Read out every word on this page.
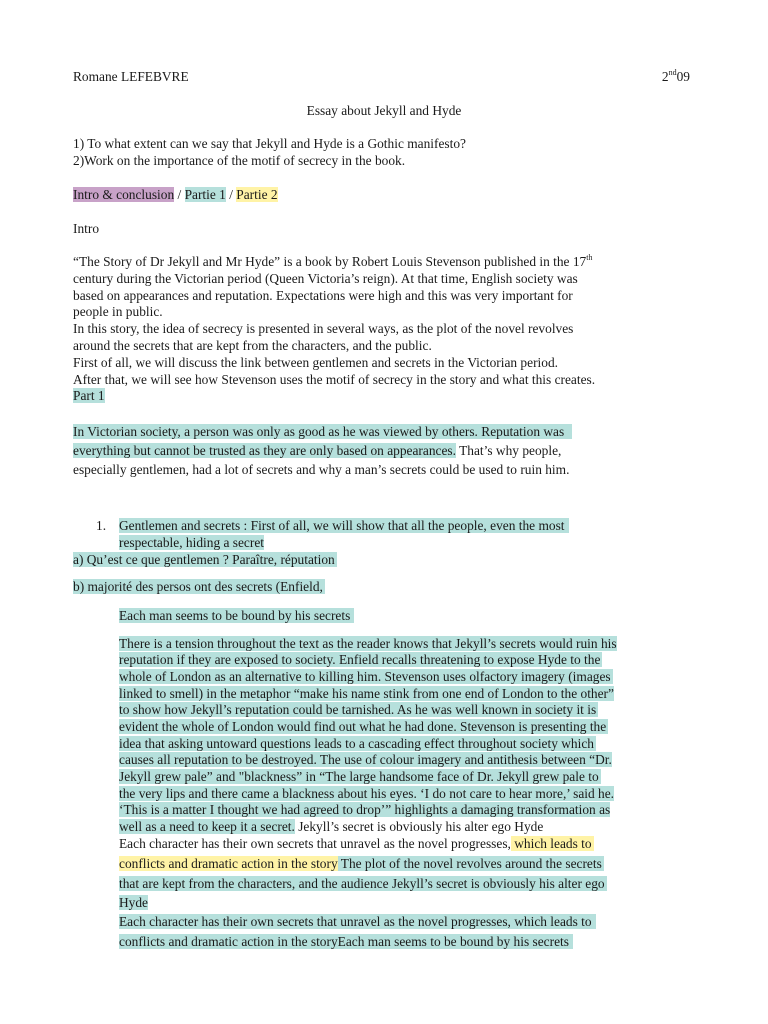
Romane LEFEBVRE	2nd09
Essay about Jekyll and Hyde
1) To what extent can we say that Jekyll and Hyde is a Gothic manifesto?
2)Work on the importance of the motif of secrecy in the book.
Intro & conclusion / Partie 1 / Partie 2
Intro
“The Story of Dr Jekyll and Mr Hyde” is a book by Robert Louis Stevenson published in the 17th
century during the Victorian period (Queen Victoria’s reign). At that time, English society was
based on appearances and reputation. Expectations were high and this was very important for
people in public.
In this story, the idea of secrecy is presented in several ways, as the plot of the novel revolves
around the secrets that are kept from the characters, and the public.
First of all, we will discuss the link between gentlemen and secrets in the Victorian period.
After that, we will see how Stevenson uses the motif of secrecy in the story and what this creates.
Part 1
In Victorian society, a person was only as good as he was viewed by others. Reputation was
everything but cannot be trusted as they are only based on appearances. That’s why people,
especially gentlemen, had a lot of secrets and why a man’s secrets could be used to ruin him.
1. Gentlemen and secrets : First of all, we will show that all the people, even the most
respectable, hiding a secret
a) Qu’est ce que gentlemen ? Paraître, réputation
b) majorité des persos ont des secrets (Enfield,
Each man seems to be bound by his secrets
There is a tension throughout the text as the reader knows that Jekyll’s secrets would ruin his
reputation if they are exposed to society. Enfield recalls threatening to expose Hyde to the
whole of London as an alternative to killing him. Stevenson uses olfactory imagery (images
linked to smell) in the metaphor “make his name stink from one end of London to the other”
to show how Jekyll’s reputation could be tarnished. As he was well known in society it is
evident the whole of London would find out what he had done. Stevenson is presenting the
idea that asking untoward questions leads to a cascading effect throughout society which
causes all reputation to be destroyed. The use of colour imagery and antithesis between “Dr.
Jekyll grew pale” and "blackness” in “The large handsome face of Dr. Jekyll grew pale to
the very lips and there came a blackness about his eyes. ‘I do not care to hear more,’ said he.
‘This is a matter I thought we had agreed to drop’” highlights a damaging transformation as
well as a need to keep it a secret. Jekyll’s secret is obviously his alter ego Hyde
Each character has their own secrets that unravel as the novel progresses, which leads to
conflicts and dramatic action in the story The plot of the novel revolves around the secrets
that are kept from the characters, and the audience Jekyll’s secret is obviously his alter ego
Hyde
Each character has their own secrets that unravel as the novel progresses, which leads to
conflicts and dramatic action in the storyEach man seems to be bound by his secrets
